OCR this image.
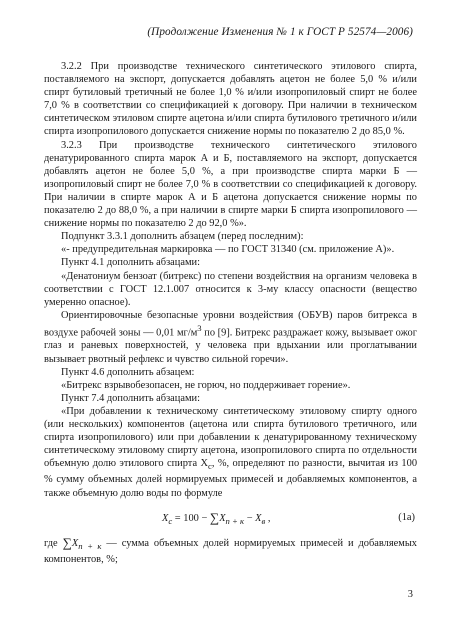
(Продолжение Изменения № 1 к ГОСТ Р 52574—2006)

3.2.2 При производстве технического синтетического этилового спирта, поставляемого на экспорт, допускается добавлять ацетон не более 5,0 % и/или спирт бутиловый третичный не более 1,0 % и/или изопропиловый спирт не более 7,0 % в соответствии со спецификацией к договору. При наличии в техническом синтетическом этиловом спирте ацетона и/или спирта бутилового третичного и/или спирта изопропилового допускается снижение нормы по показателю 2 до 85,0 %.

3.2.3 При производстве технического синтетического этилового денатурированного спирта марок А и Б, поставляемого на экспорт, допускается добавлять ацетон не более 5,0 %, а при производстве спирта марки Б — изопропиловый спирт не более 7,0 % в соответствии со спецификацией к договору. При наличии в спирте марок А и Б ацетона допускается снижение нормы по показателю 2 до 88,0 %, а при наличии в спирте марки Б спирта изопропилового — снижение нормы по показателю 2 до 92,0 %».

Подпункт 3.3.1 дополнить абзацем (перед последним):

«- предупредительная маркировка — по ГОСТ 31340 (см. приложение А)».

Пункт 4.1 дополнить абзацами:

«Денатониум бензоат (битрекс) по степени воздействия на организм человека в соответствии с ГОСТ 12.1.007 относится к 3-му классу опасности (вещество умеренно опасное).

Ориентировочные безопасные уровни воздействия (ОБУВ) паров битрекса в воздухе рабочей зоны — 0,01 $мг/м^3$ по [9]. Битрекс раздражает кожу, вызывает ожог глаз и раневых поверхностей, у человека при вдыхании или проглатывании вызывает рвотный рефлекс и чувство сильной горечи».

Пункт 4.6 дополнить абзацем:

«Битрекс взрывобезопасен, не горюч, но поддерживает горение».

Пункт 7.4 дополнить абзацами:

«При добавлении к техническому синтетическому этиловому спирту одного (или нескольких) компонентов (ацетона или спирта бутилового третичного, или спирта изопропилового) или при добавлении к денатурированному техническому синтетическому этиловому спирту ацетона, изопропилового спирта по отдельности объемную долю этилового спирта $X_c$, %, определяют по разности, вычитая из 100 % сумму объемных долей нормируемых примесей и добавляемых компонентов, а также объемную долю воды по формуле

$X_с = 100 - \sum X_{п + к} - X_в$ ,	(1а)

где $\sum X_{п + к}$ — сумма объемных долей нормируемых примесей и добавляемых компонентов, %;

3
